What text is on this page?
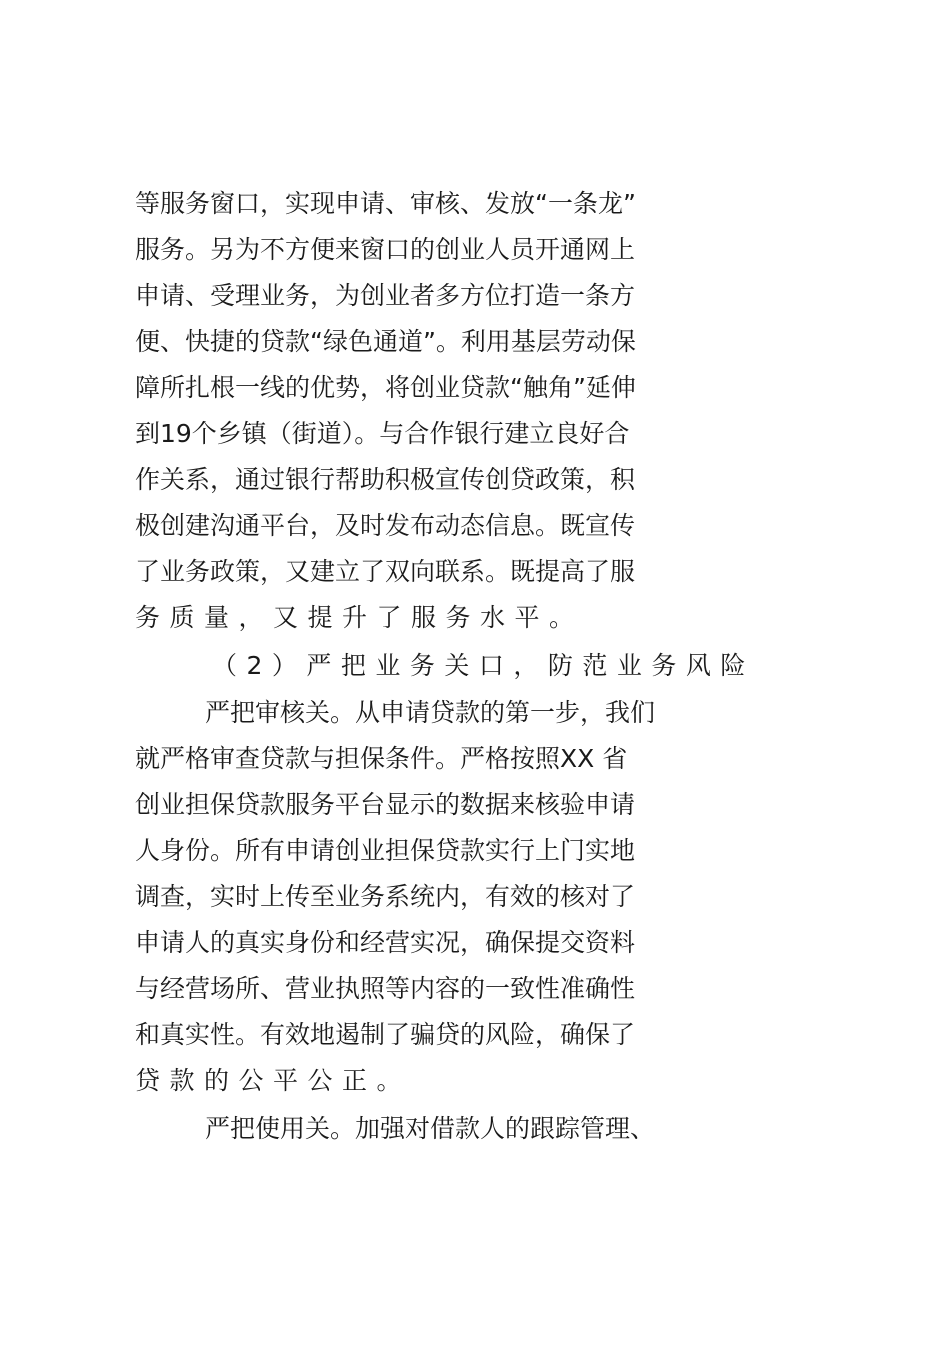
等服务窗口，实现申请、审核、发放“一条龙”
服务。另为不方便来窗口的创业人员开通网上
申请、受理业务，为创业者多方位打造一条方
便、快捷的贷款“绿色通道”。利用基层劳动保
障所扎根一线的优势，将创业贷款“触角”延伸
到19个乡镇（街道）。与合作银行建立良好合
作关系，通过银行帮助积极宣传创贷政策，积
极创建沟通平台，及时发布动态信息。既宣传
了业务政策，又建立了双向联系。既提高了服
务质量，又提升了服务水平。
（2）严把业务关口，防范业务风险
严把审核关。从申请贷款的第一步，我们
就严格审查贷款与担保条件。严格按照XX 省
创业担保贷款服务平台显示的数据来核验申请
人身份。所有申请创业担保贷款实行上门实地
调查，实时上传至业务系统内，有效的核对了
申请人的真实身份和经营实况，确保提交资料
与经营场所、营业执照等内容的一致性准确性
和真实性。有效地遏制了骗贷的风险，确保了
贷款的公平公正。
严把使用关。加强对借款人的跟踪管理、
